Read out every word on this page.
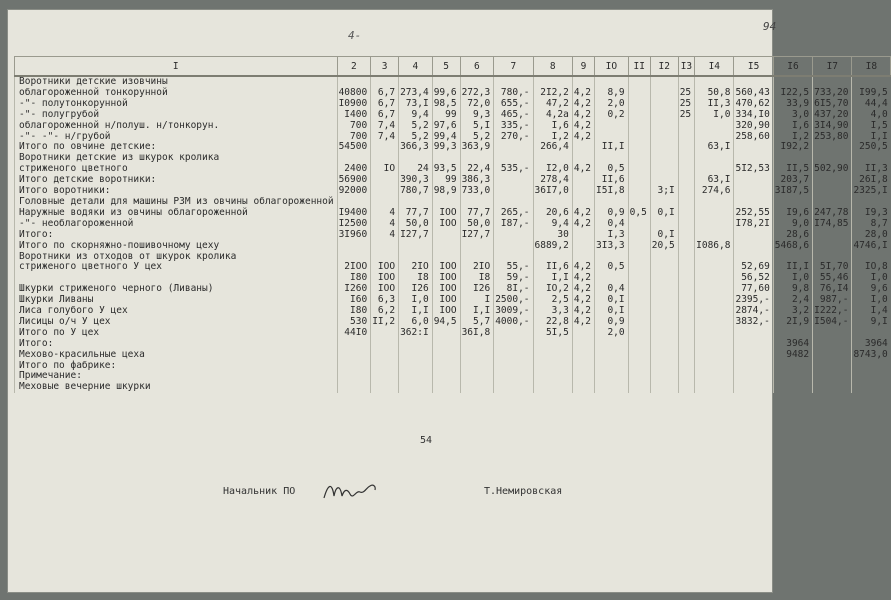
4-
94
I	2	3	4	5	6	7	8	9	IO	II	I2	I3	I4	I5	I6	I7	I8
Воротники детские изовчины																	
облагороженной тонкорунной	40800	6,7	273,4	99,6	272,3	780,-	2I2,2	4,2	8,9			25	50,8	560,43	I22,5	733,20	I99,5
-"- полутонкорунной	I0900	6,7	73,I	98,5	72,0	655,-	47,2	4,2	2,0			25	II,3	470,62	33,9	6I5,70	44,4
-"- полугрубой	I400	6,7	9,4	99	9,3	465,-	4,2a	4,2	0,2			25	I,0	334,I0	3,0	437,20	4,0
облагороженной н/полуш. н/тонкорун.	700	7,4	5,2	97,6	5,I	335,-	I,6	4,2						320,90	I,6	3I4,90	I,5
-"- -"- н/грубой	700	7,4	5,2	99,4	5,2	270,-	I,2	4,2						258,60	I,2	253,80	I,I
Итого по овчине детские:	54500		366,3	99,3	363,9		266,4		II,I				63,I		I92,2		250,5
Воротники детские из шкурок кролика																	
стриженого цветного	2400	IO	24	93,5	22,4	535,-	I2,0	4,2	0,5					5I2,53	II,5	502,90	II,3
Итого детские воротники:	56900		390,3	99	386,3		278,4		II,6				63,I		203,7		26I,8
Итого воротники:	92000		780,7	98,9	733,0		36I7,0		I5I,8		3;I		274,6		3I87,5		2325,I
Головные детали для машины РЗМ из овчины облагороженной																	
Наружные водяки из овчины облагороженной	I9400	4	77,7	IOO	77,7	265,-	20,6	4,2	0,9	0,5	0,I			252,55	I9,6	247,78	I9,3
-"- необлагороженной	I2500	4	50,0	IOO	50,0	I87,-	9,4	4,2	0,4					I78,2I	9,0	I74,85	8,7
Итого:	3I960	4	I27,7		I27,7		30		I,3		0,I				28,6		28,0
Итого по скорняжно-пошивочному цеху							6889,2		3I3,3		20,5		I086,8		5468,6		4746,I
Воротники из отходов от шкурок кролика																	
стриженого цветного У цех	2IOO	IOO	2IO	IOO	2IO	55,-	II,6	4,2	0,5					52,69	II,I	5I,70	IO,8
	I80	IOO	I8	IOO	I8	59,-	I,I	4,2						56,52	I,0	55,46	I,0
Шкурки стриженого черного (Ливаны)	I260	IOO	I26	IOO	I26	8I,-	IO,2	4,2	0,4					77,60	9,8	76,I4	9,6
Шкурки Ливаны	I60	6,3	I,0	IOO	I	2500,-	2,5	4,2	0,I					2395,-	2,4	987,-	I,0
Лиса голубого У цех	I80	6,2	I,I	IOO	I,I	3009,-	3,3	4,2	0,I					2874,-	3,2	I222,-	I,4
Лисицы о/ч У цех	530	II,2	6,0	94,5	5,7	4000,-	22,8	4,2	0,9					3832,-	2I,9	I504,-	9,I
Итого по У цех	44I0		362:I		36I,8		5I,5		2,0								
Итого:															3964		3964
Мехово-красильные цеха															9482		8743,0
Итого по фабрике:																	
Примечание:																	
Меховые вечерние шкурки																	
54
Начальник ПО	Т.Немировская
